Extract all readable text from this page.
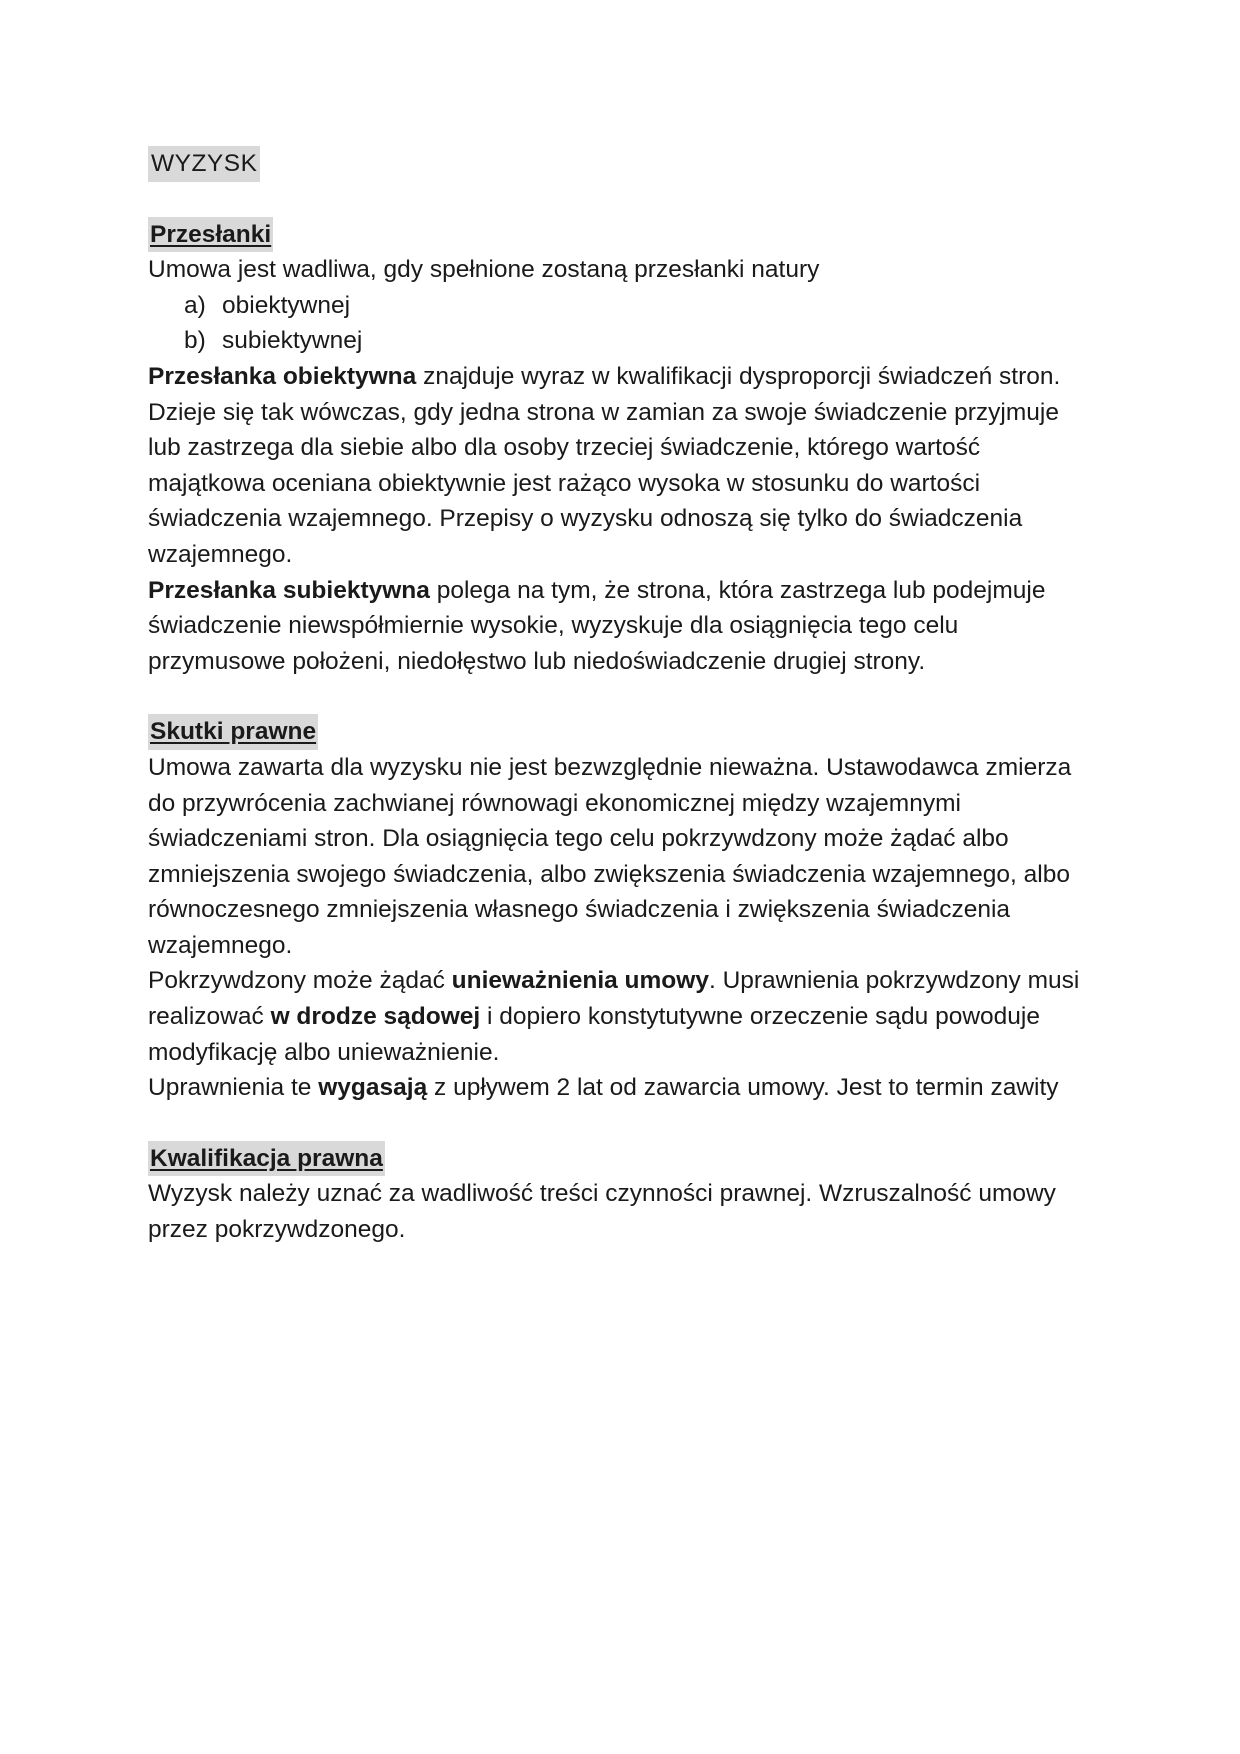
WYZYSK
Przesłanki

Umowa jest wadliwa, gdy spełnione zostaną przesłanki natury

a) obiektywnej
b) subiektywnej

Przesłanka obiektywna znajduje wyraz w kwalifikacji dysproporcji świadczeń stron. Dzieje się tak wówczas, gdy jedna strona w zamian za swoje świadczenie przyjmuje lub zastrzega dla siebie albo dla osoby trzeciej świadczenie, którego wartość majątkowa oceniana obiektywnie jest rażąco wysoka w stosunku do wartości świadczenia wzajemnego. Przepisy o wyzysku odnoszą się tylko do świadczenia wzajemnego.

Przesłanka subiektywna polega na tym, że strona, która zastrzega lub podejmuje świadczenie niewspółmiernie wysokie, wyzyskuje dla osiągnięcia tego celu przymusowe położeni, niedołęstwo lub niedoświadczenie drugiej strony.

Skutki prawne

Umowa zawarta dla wyzysku nie jest bezwzględnie nieważna. Ustawodawca zmierza do przywrócenia zachwianej równowagi ekonomicznej między wzajemnymi świadczeniami stron. Dla osiągnięcia tego celu pokrzywdzony może żądać albo zmniejszenia swojego świadczenia, albo zwiększenia świadczenia wzajemnego, albo równoczesnego zmniejszenia własnego świadczenia i zwiększenia świadczenia wzajemnego.

Pokrzywdzony może żądać unieważnienia umowy. Uprawnienia pokrzywdzony musi realizować w drodze sądowej i dopiero konstytutywne orzeczenie sądu powoduje modyfikację albo unieważnienie.

Uprawnienia te wygasają z upływem 2 lat od zawarcia umowy. Jest to termin zawity

Kwalifikacja prawna

Wyzysk należy uznać za wadliwość treści czynności prawnej. Wzruszalność umowy przez pokrzywdzonego.
